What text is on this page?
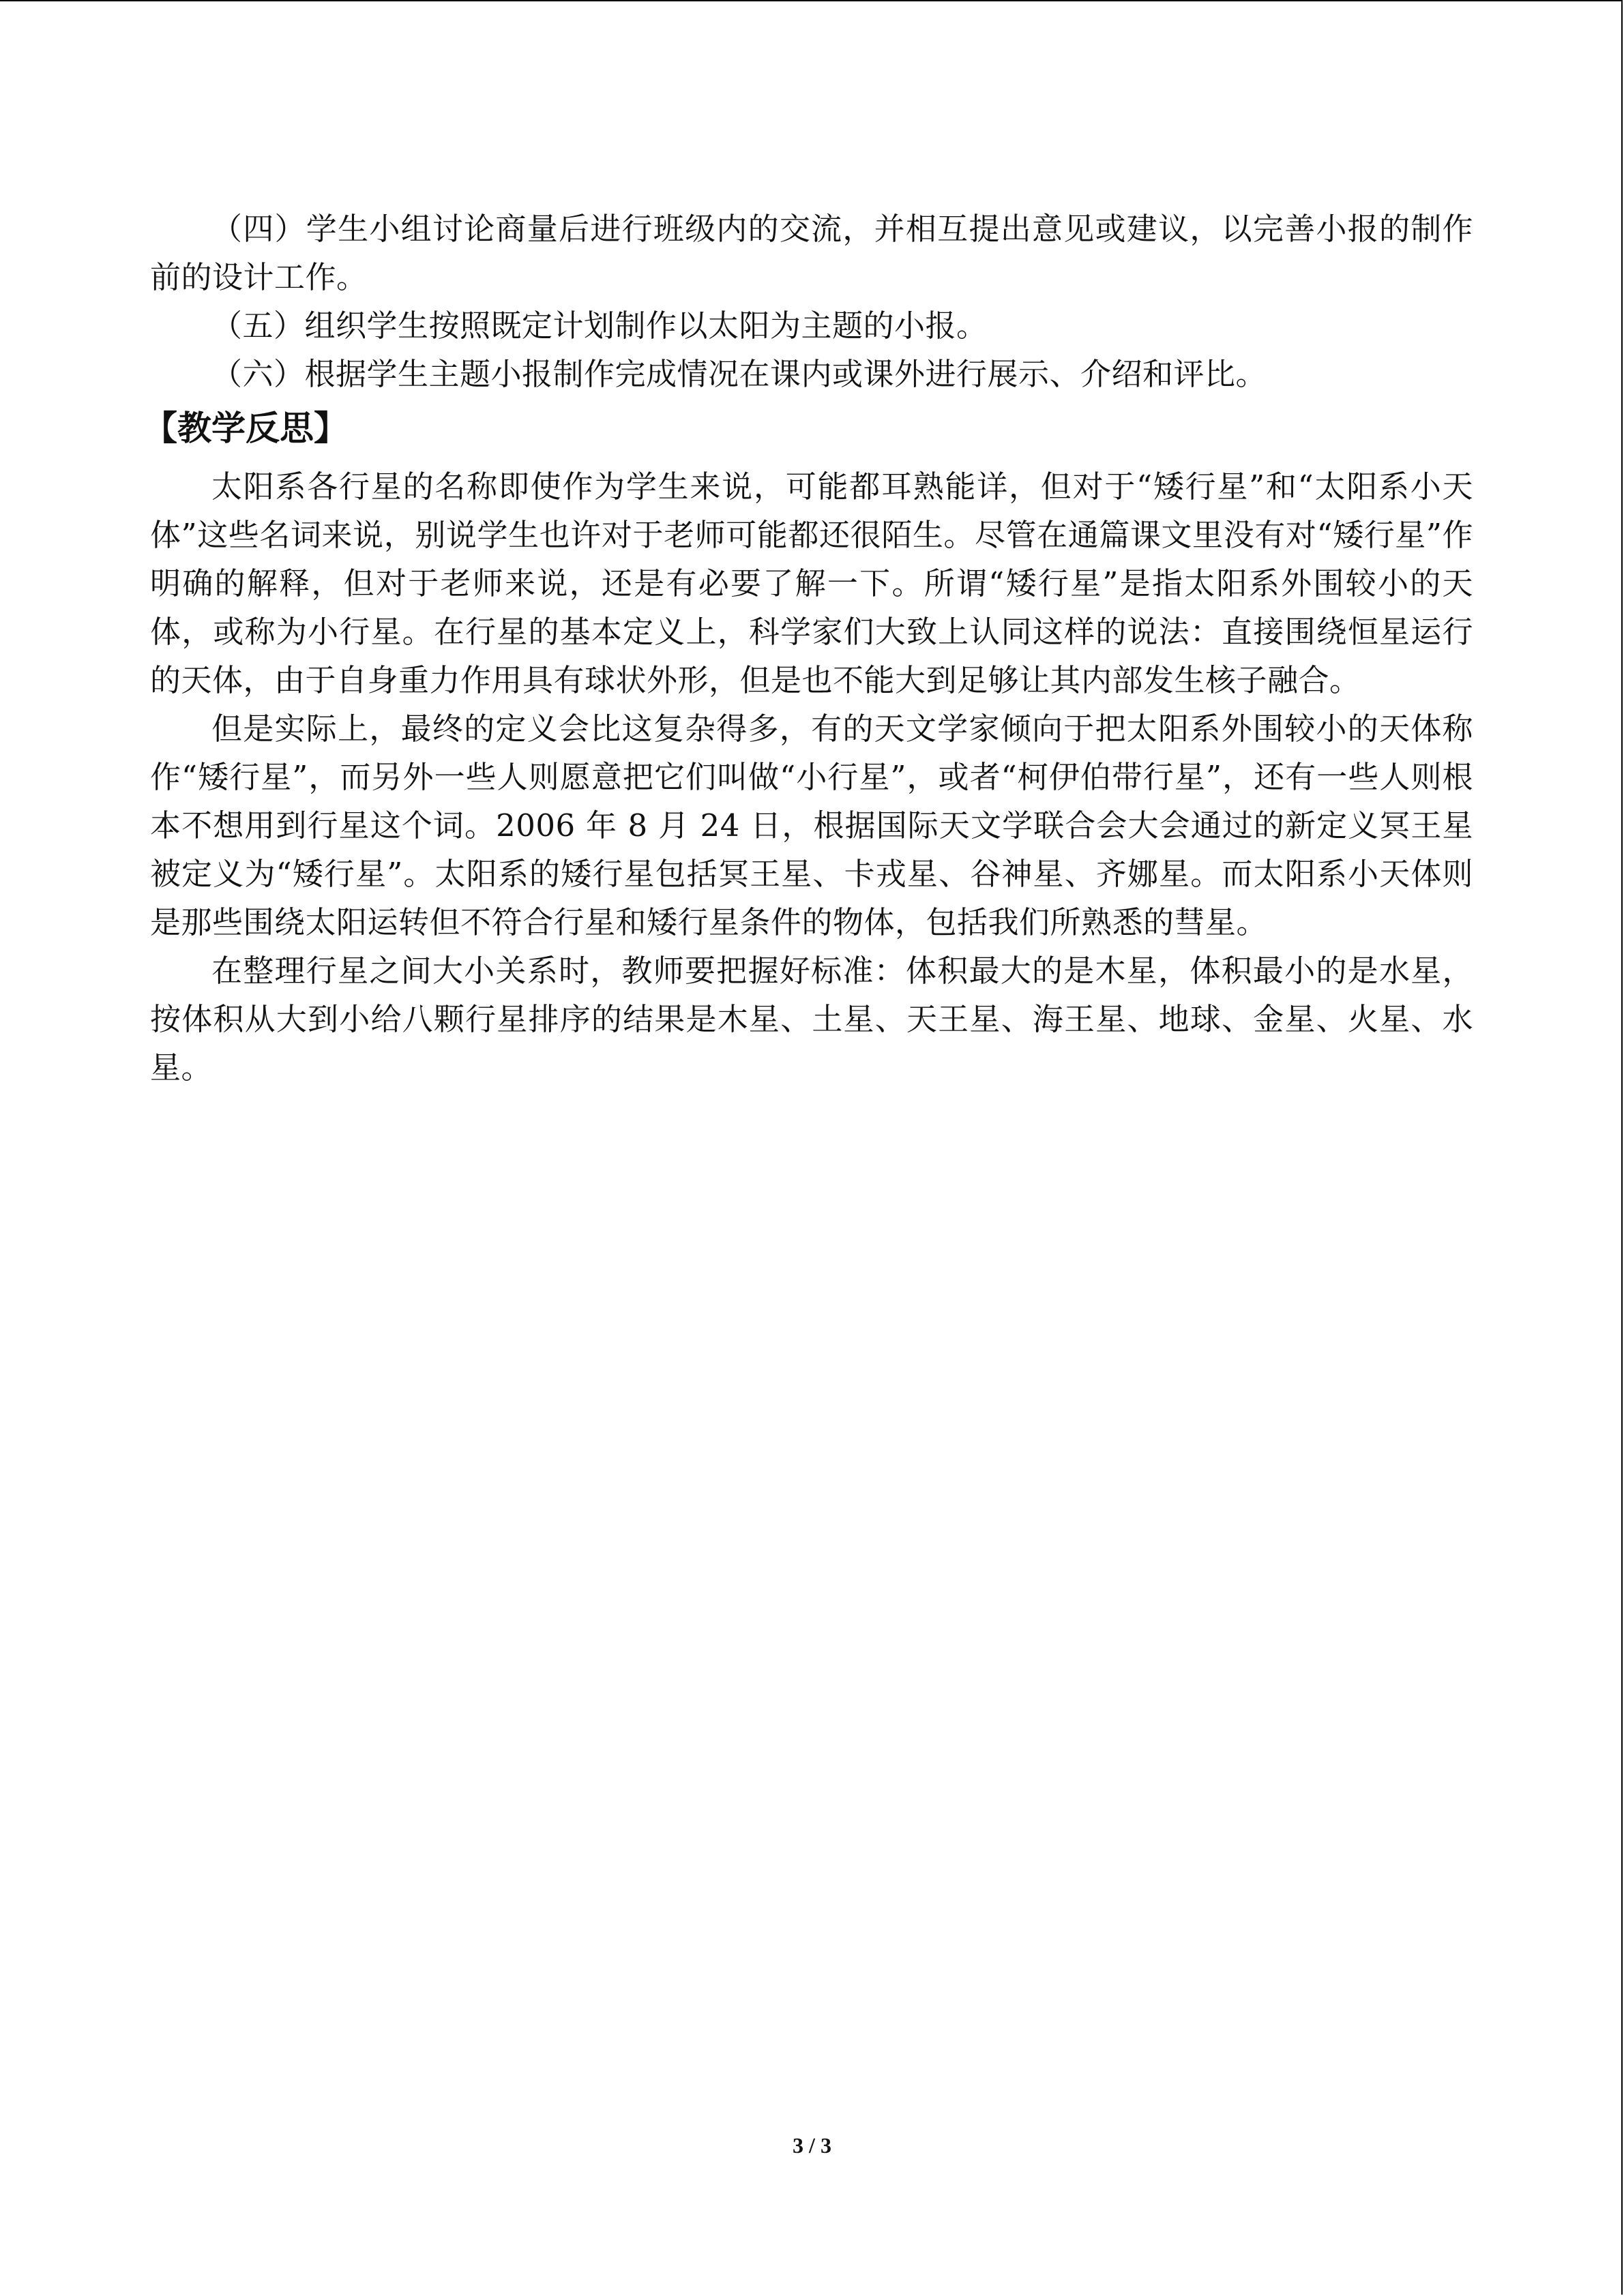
（四）学生小组讨论商量后进行班级内的交流，并相互提出意见或建议，以完善小报的制作前的设计工作。

（五）组织学生按照既定计划制作以太阳为主题的小报。

（六）根据学生主题小报制作完成情况在课内或课外进行展示、介绍和评比。

【教学反思】

太阳系各行星的名称即使作为学生来说，可能都耳熟能详，但对于“矮行星”和“太阳系小天体”这些名词来说，别说学生也许对于老师可能都还很陌生。尽管在通篇课文里没有对“矮行星”作明确的解释，但对于老师来说，还是有必要了解一下。所谓“矮行星”是指太阳系外围较小的天体，或称为小行星。在行星的基本定义上，科学家们大致上认同这样的说法：直接围绕恒星运行的天体，由于自身重力作用具有球状外形，但是也不能大到足够让其内部发生核子融合。

但是实际上，最终的定义会比这复杂得多，有的天文学家倾向于把太阳系外围较小的天体称作“矮行星”，而另外一些人则愿意把它们叫做“小行星”，或者“柯伊伯带行星”，还有一些人则根本不想用到行星这个词。2006 年 8 月 24 日，根据国际天文学联合会大会通过的新定义冥王星被定义为“矮行星”。太阳系的矮行星包括冥王星、卡戎星、谷神星、齐娜星。而太阳系小天体则是那些围绕太阳运转但不符合行星和矮行星条件的物体，包括我们所熟悉的彗星。

在整理行星之间大小关系时，教师要把握好标准：体积最大的是木星，体积最小的是水星，按体积从大到小给八颗行星排序的结果是木星、土星、天王星、海王星、地球、金星、火星、水星。

3 / 3
